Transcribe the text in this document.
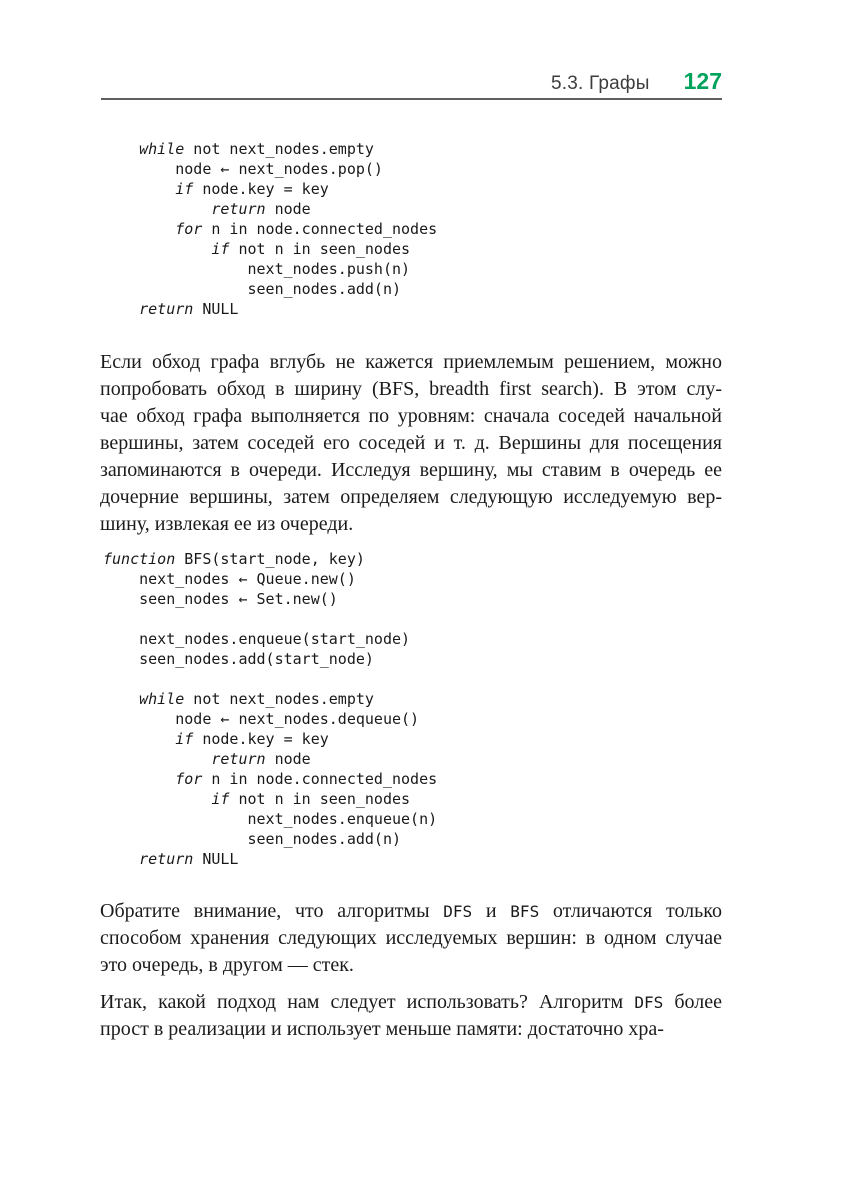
5.3. Графы 127
while not next_nodes.empty
node ← next_nodes.pop()
if node.key = key
return node
for n in node.connected_nodes
if not n in seen_nodes
next_nodes.push(n)
seen_nodes.add(n)
return NULL
Если обход графа вглубь не кажется приемлемым решением, можно
попробовать обход в ширину (BFS, breadth first search). В этом слу-
чае обход графа выполняется по уровням: сначала соседей начальной
вершины, затем соседей его соседей и т. д. Вершины для посещения
запоминаются в очереди. Исследуя вершину, мы ставим в очередь ее
дочерние вершины, затем определяем следующую исследуемую вер-
шину, извлекая ее из очереди.
function BFS(start_node, key)
next_nodes ← Queue.new()
seen_nodes ← Set.new()

next_nodes.enqueue(start_node)
seen_nodes.add(start_node)

while not next_nodes.empty
node ← next_nodes.dequeue()
if node.key = key
return node
for n in node.connected_nodes
if not n in seen_nodes
next_nodes.enqueue(n)
seen_nodes.add(n)
return NULL
Обратите внимание, что алгоритмы DFS и BFS отличаются только
способом хранения следующих исследуемых вершин: в одном случае
это очередь, в другом — стек.
Итак, какой подход нам следует использовать? Алгоритм DFS более
прост в реализации и использует меньше памяти: достаточно хра-
